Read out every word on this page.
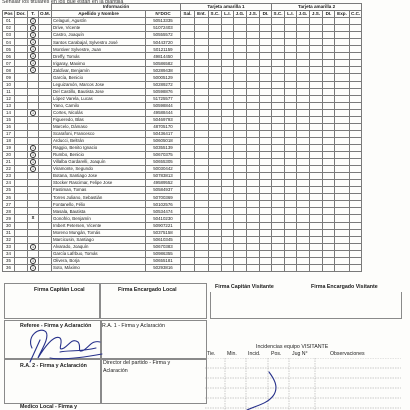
Señalar los titulares en los que están en la plantilla
				Información		Tarjeta amarilla 1							Tarjeta amarilla 2						
Pos	Dor.	T.	O.M.	Apellido y Nombre	N°DOC	Sal.	Ent.	S.C.	L.I.	J.G.	J.S.	DI.	S.C.	L.I.	J.G.	J.S.	DI.	Exp.	C.C.
01		1		Celaguri, Agustín	50513335														
02		1		Drive, Vicente	51072403														
03		1		Castro, Joaquín	50555572														
04		1		Santos Carabajal, Sylvestro José	50443720														
05		1		Montiver Sylvestre, Juan	50121159														
06		1		Dreffy, Tomás	49814450														
07		1		Irigaray, Maximo	50586582														
08		1		Zaldívar, Benjamín	50289438														
09				García, Benicio	50005129														
10				Leguizamón, Marcos Jose	50289272														
11				Del Castillo, Bautista Jose	50598876														
12				López Varela, Lucas	51725577														
13				Yano, Camilo	50598844														
14		1		Cortes, Nicolás	49588444														
15				Figueredo, Blas	50469793														
16				Marcelo, Dámaso	48705170														
17				Scarafoni, Francesco	50436417														
18				Arducci, Beltrán	50605018														
19		1		Raggio, Benito Ignacio	50355139														
20		1		Rumbo, Benicio	50670375														
21		1		Villalba Gardarelli, Joaquín	50655305														
22		1		Viramonte, Segundo	50030442														
23				Botana, Santiago Jose	50783813														
24				Stocker Rascimar, Felipe Jose	49589552														
25				Fastiman, Tomas	50584937														
26				Torres Juliano, Sebastián	50700369														
27				Fontanello, Félix	50102576														
28				Masala, Bautista	50534474														
29		x		Gonofrio, Benjamín	50410230														
30				Imbert Petersen, Vicente	50907221														
31				Moreno Mungán, Tomás	50375158														
32				Marcicusin, Santiago	50610345														
33		1		Alvarado, Joaquín	50670383														
34				García Lafrbuo, Tomás	50986355														
35		1		Olivera, Borja	50655181														
36		1		Soto, Máximo	50293816														
Firma Capitán Local	Firma Encargado Local	Firma Capitán Visitante	Firma Encargado Visitante
Referee - Firma y Aclaración R.A. 1 - Firma y Aclaración
R.A. 2 - Firma y Aclaración	Director del partido - Firma y Aclaración
Medico Local - Firma y
Incidencias equipo VISITANTE
Tie. Min. Incid. Pos. Jug N°	Observaciones
